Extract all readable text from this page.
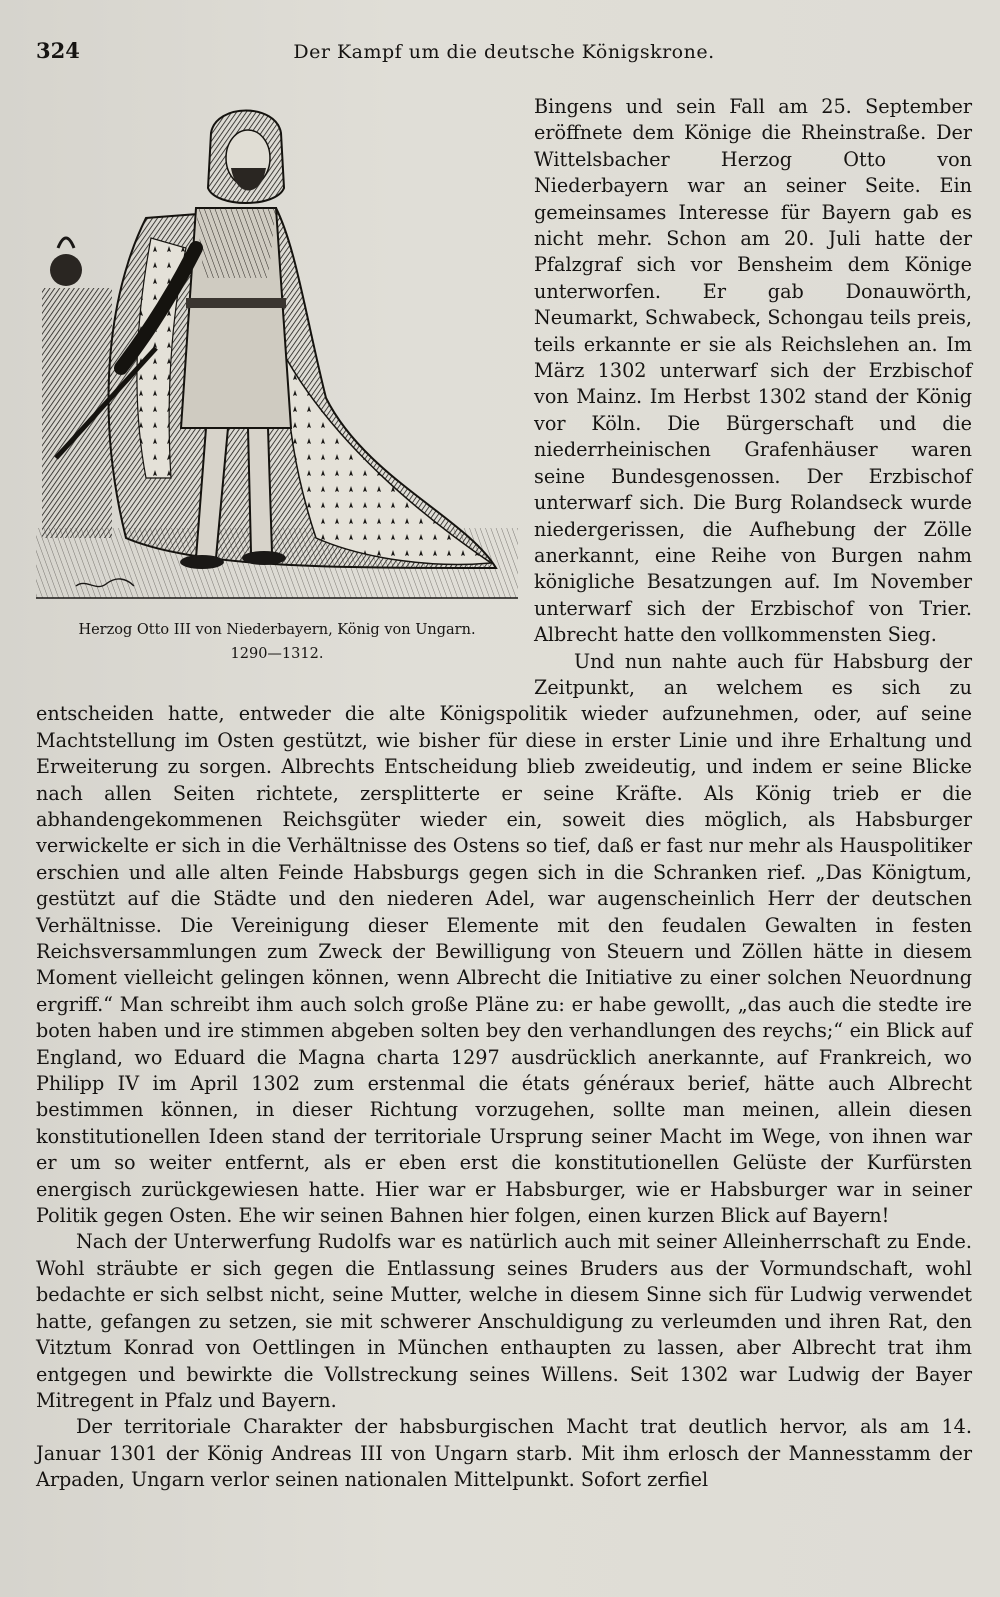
324	Der Kampf um die deutsche Königskrone.
Herzog Otto III von Niederbayern, König von Ungarn.
1290—1312.

Bingens und sein Fall am 25. September eröffnete dem Könige die Rheinstraße. Der Wittelsbacher Herzog Otto von Niederbayern war an seiner Seite. Ein gemeinsames Interesse für Bayern gab es nicht mehr. Schon am 20. Juli hatte der Pfalzgraf sich vor Bensheim dem Könige unterworfen. Er gab Donauwörth, Neumarkt, Schwabeck, Schongau teils preis, teils erkannte er sie als Reichslehen an. Im März 1302 unterwarf sich der Erzbischof von Mainz. Im Herbst 1302 stand der König vor Köln. Die Bürgerschaft und die niederrheinischen Grafenhäuser waren seine Bundesgenossen. Der Erzbischof unterwarf sich. Die Burg Rolandseck wurde niedergerissen, die Aufhebung der Zölle anerkannt, eine Reihe von Burgen nahm königliche Besatzungen auf. Im November unterwarf sich der Erzbischof von Trier. Albrecht hatte den vollkommensten Sieg.

Und nun nahte auch für Habsburg der Zeitpunkt, an welchem es sich zu entscheiden hatte, entweder die alte Königspolitik wieder aufzunehmen, oder, auf seine Machtstellung im Osten gestützt, wie bisher für diese in erster Linie und ihre Erhaltung und Erweiterung zu sorgen. Albrechts Entscheidung blieb zweideutig, und indem er seine Blicke nach allen Seiten richtete, zersplitterte er seine Kräfte. Als König trieb er die abhandengekommenen Reichsgüter wieder ein, soweit dies möglich, als Habsburger verwickelte er sich in die Verhältnisse des Ostens so tief, daß er fast nur mehr als Hauspolitiker erschien und alle alten Feinde Habsburgs gegen sich in die Schranken rief. „Das Königtum, gestützt auf die Städte und den niederen Adel, war augenscheinlich Herr der deutschen Verhältnisse. Die Vereinigung dieser Elemente mit den feudalen Gewalten in festen Reichsversammlungen zum Zweck der Bewilligung von Steuern und Zöllen hätte in diesem Moment vielleicht gelingen können, wenn Albrecht die Initiative zu einer solchen Neuordnung ergriff.“ Man schreibt ihm auch solch große Pläne zu: er habe gewollt, „das auch die stedte ire boten haben und ire stimmen abgeben solten bey den verhandlungen des reychs;“ ein Blick auf England, wo Eduard die Magna charta 1297 ausdrücklich anerkannte, auf Frankreich, wo Philipp IV im April 1302 zum erstenmal die états généraux berief, hätte auch Albrecht bestimmen können, in dieser Richtung vorzugehen, sollte man meinen, allein diesen konstitutionellen Ideen stand der territoriale Ursprung seiner Macht im Wege, von ihnen war er um so weiter entfernt, als er eben erst die konstitutionellen Gelüste der Kurfürsten energisch zurückgewiesen hatte. Hier war er Habsburger, wie er Habsburger war in seiner Politik gegen Osten. Ehe wir seinen Bahnen hier folgen, einen kurzen Blick auf Bayern!

Nach der Unterwerfung Rudolfs war es natürlich auch mit seiner Alleinherrschaft zu Ende. Wohl sträubte er sich gegen die Entlassung seines Bruders aus der Vormundschaft, wohl bedachte er sich selbst nicht, seine Mutter, welche in diesem Sinne sich für Ludwig verwendet hatte, gefangen zu setzen, sie mit schwerer Anschuldigung zu verleumden und ihren Rat, den Vitztum Konrad von Oettlingen in München enthaupten zu lassen, aber Albrecht trat ihm entgegen und bewirkte die Vollstreckung seines Willens. Seit 1302 war Ludwig der Bayer Mitregent in Pfalz und Bayern.

Der territoriale Charakter der habsburgischen Macht trat deutlich hervor, als am 14. Januar 1301 der König Andreas III von Ungarn starb. Mit ihm erlosch der Mannesstamm der Arpaden, Ungarn verlor seinen nationalen Mittelpunkt. Sofort zerfiel
